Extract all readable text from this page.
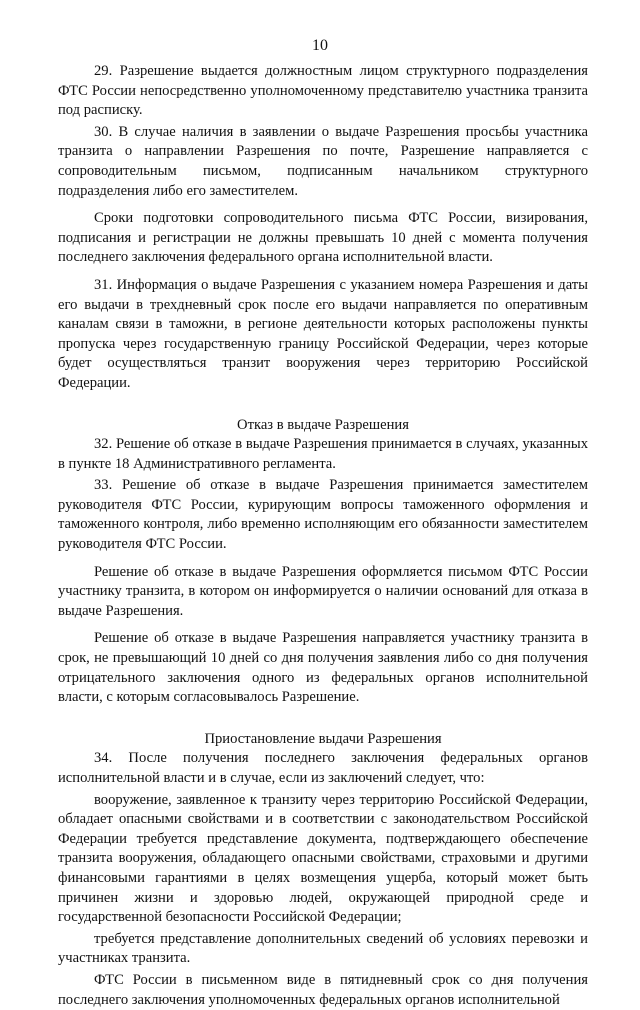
10

29. Разрешение выдается должностным лицом структурного подразделения ФТС России непосредственно уполномоченному представителю участника транзита под расписку.

30. В случае наличия в заявлении о выдаче Разрешения просьбы участника транзита о направлении Разрешения по почте, Разрешение направляется с сопроводительным письмом, подписанным начальником структурного подразделения либо его заместителем.

Сроки подготовки сопроводительного письма ФТС России, визирования, подписания и регистрации не должны превышать 10 дней с момента получения последнего заключения федерального органа исполнительной власти.

31. Информация о выдаче Разрешения с указанием номера Разрешения и даты его выдачи в трехдневный срок после его выдачи направляется по оперативным каналам связи в таможни, в регионе деятельности которых расположены пункты пропуска через государственную границу Российской Федерации, через которые будет осуществляться транзит вооружения через территорию Российской Федерации.

Отказ в выдаче Разрешения

32. Решение об отказе в выдаче Разрешения принимается в случаях, указанных в пункте 18 Административного регламента.

33. Решение об отказе в выдаче Разрешения принимается заместителем руководителя ФТС России, курирующим вопросы таможенного оформления и таможенного контроля, либо временно исполняющим его обязанности заместителем руководителя ФТС России.

Решение об отказе в выдаче Разрешения оформляется письмом ФТС России участнику транзита, в котором он информируется о наличии оснований для отказа в выдаче Разрешения.

Решение об отказе в выдаче Разрешения направляется участнику транзита в срок, не превышающий 10 дней со дня получения заявления либо со дня получения отрицательного заключения одного из федеральных органов исполнительной власти, с которым согласовывалось Разрешение.

Приостановление выдачи Разрешения

34. После получения последнего заключения федеральных органов исполнительной власти и в случае, если из заключений следует, что:

вооружение, заявленное к транзиту через территорию Российской Федерации, обладает опасными свойствами и в соответствии с законодательством Российской Федерации требуется представление документа, подтверждающего обеспечение транзита вооружения, обладающего опасными свойствами, страховыми и другими финансовыми гарантиями в целях возмещения ущерба, который может быть причинен жизни и здоровью людей, окружающей природной среде и государственной безопасности Российской Федерации;

требуется представление дополнительных сведений об условиях перевозки и участниках транзита.

ФТС России в письменном виде в пятидневный срок со дня получения последнего заключения уполномоченных федеральных органов исполнительной
